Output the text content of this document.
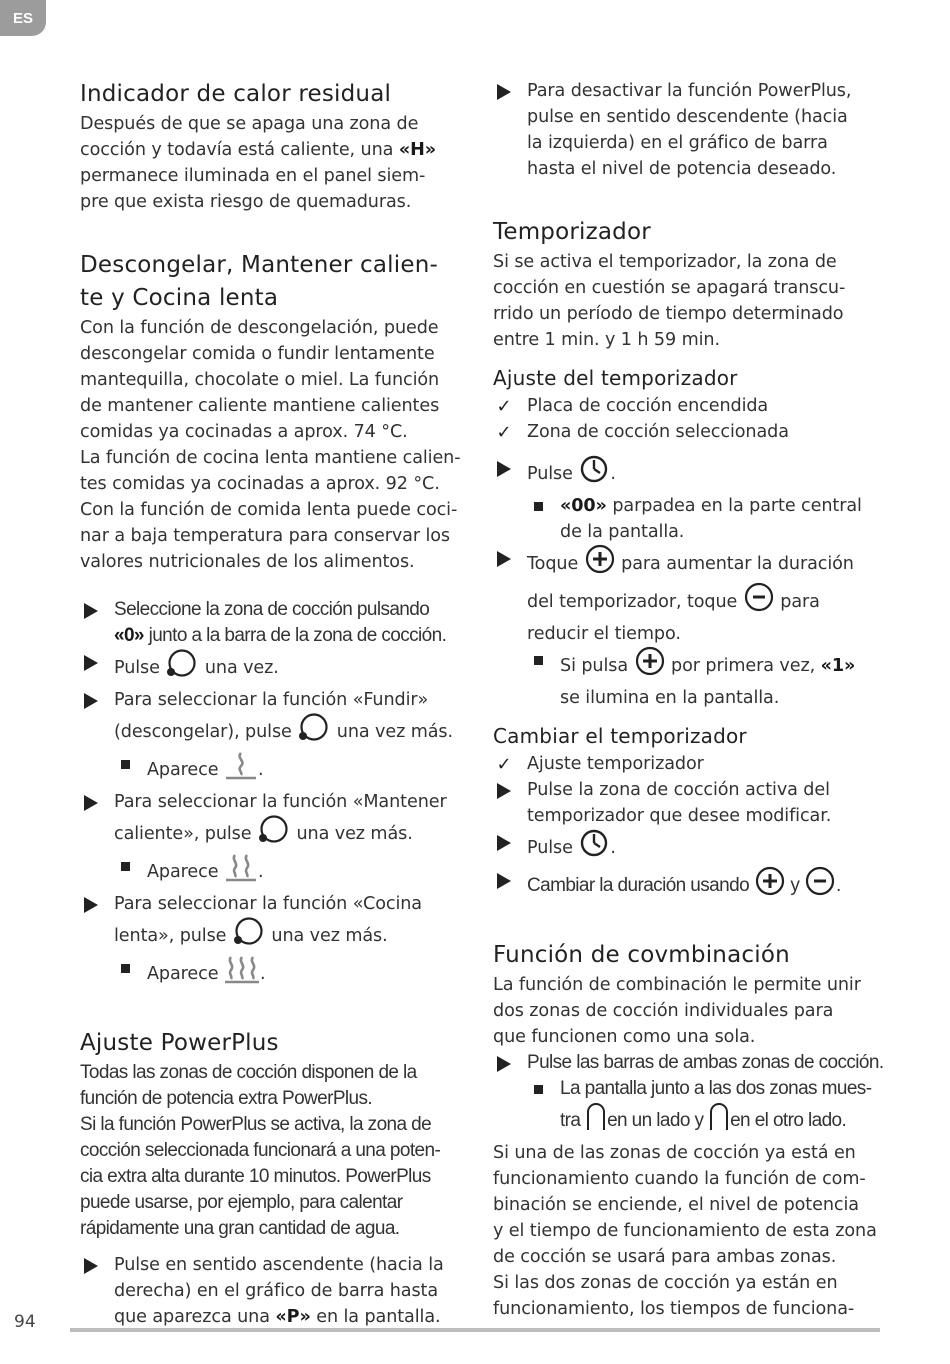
ES
Indicador de calor residual

Después de que se apaga una zona de
cocción y todavía está caliente, una «H»
permanece iluminada en el panel siem-
pre que exista riesgo de quemaduras.

Descongelar, Mantener calien-
te y Cocina lenta

Con la función de descongelación, puede
descongelar comida o fundir lentamente
mantequilla, chocolate o miel. La función
de mantener caliente mantiene calientes
comidas ya cocinadas a aprox. 74 °C.
La función de cocina lenta mantiene calien-
tes comidas ya cocinadas a aprox. 92 °C.
Con la función de comida lenta puede coci-
nar a baja temperatura para conservar los
valores nutricionales de los alimentos.

Seleccione la zona de cocción pulsando
«0» junto a la barra de la zona de cocción.

Pulse	una vez.

Para seleccionar la función «Fundir»
(descongelar), pulse	una vez más.

Aparece .

Para seleccionar la función «Mantener
caliente», pulse	una vez más.

Aparece .

Para seleccionar la función «Cocina
lenta», pulse	una vez más.

Aparece .

Ajuste PowerPlus

Todas las zonas de cocción disponen de la
función de potencia extra PowerPlus.
Si la función PowerPlus se activa, la zona de
cocción seleccionada funcionará a una poten-
cia extra alta durante 10 minutos. PowerPlus
puede usarse, por ejemplo, para calentar
rápidamente una gran cantidad de agua.

Pulse en sentido ascendente (hacia la
derecha) en el gráfico de barra hasta
que aparezca una «P» en la pantalla.

Para desactivar la función PowerPlus,
pulse en sentido descendente (hacia
la izquierda) en el gráfico de barra
hasta el nivel de potencia deseado.

Temporizador

Si se activa el temporizador, la zona de
cocción en cuestión se apagará transcu-
rrido un período de tiempo determinado
entre 1 min. y 1 h 59 min.

Ajuste del temporizador
✓ Placa de cocción encendida

✓ Zona de cocción seleccionada

Pulse .

«00» parpadea en la parte central
de la pantalla.

Toque para aumentar la duración
del temporizador, toque para
reducir el tiempo.

Si pulsa por primera vez, «1»
se ilumina en la pantalla.

Cambiar el temporizador
✓ Ajuste temporizador

Pulse la zona de cocción activa del
temporizador que desee modificar.

Pulse .

Cambiar la duración usando y .

Función de covmbinación

La función de combinación le permite unir
dos zonas de cocción individuales para
que funcionen como una sola.

Pulse las barras de ambas zonas de cocción.

La pantalla junto a las dos zonas mues-
tra en un lado y en el otro lado.

Si una de las zonas de cocción ya está en
funcionamiento cuando la función de com-
binación se enciende, el nivel de potencia
y el tiempo de funcionamiento de esta zona
de cocción se usará para ambas zonas.
Si las dos zonas de cocción ya están en
funcionamiento, los tiempos de funciona-

94
